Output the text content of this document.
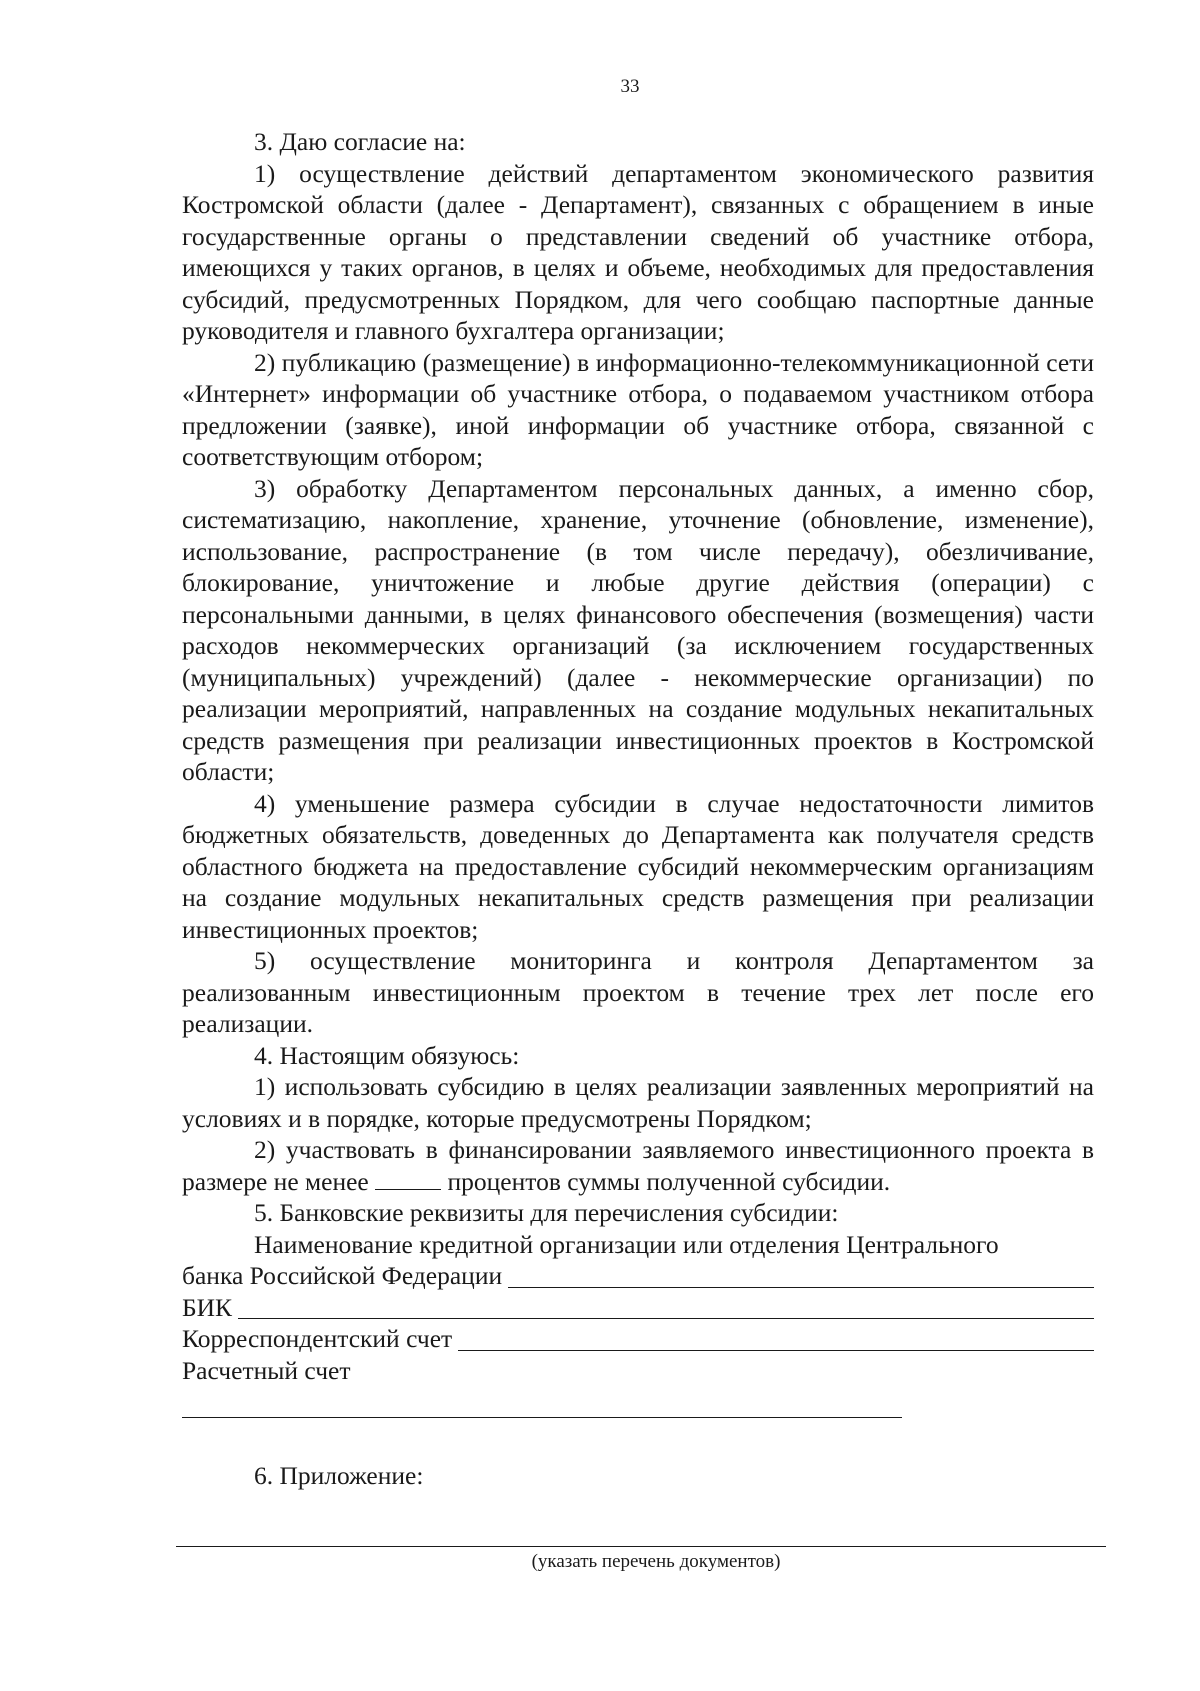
33

3. Даю согласие на:

1) осуществление действий департаментом экономического развития Костромской области (далее - Департамент), связанных с обращением в иные государственные органы о представлении сведений об участнике отбора, имеющихся у таких органов, в целях и объеме, необходимых для предоставления субсидий, предусмотренных Порядком, для чего сообщаю паспортные данные руководителя и главного бухгалтера организации;

2) публикацию (размещение) в информационно-телекоммуникационной сети «Интернет» информации об участнике отбора, о подаваемом участником отбора предложении (заявке), иной информации об участнике отбора, связанной с соответствующим отбором;

3) обработку Департаментом персональных данных, а именно сбор, систематизацию, накопление, хранение, уточнение (обновление, изменение), использование, распространение (в том числе передачу), обезличивание, блокирование, уничтожение и любые другие действия (операции) с персональными данными, в целях финансового обеспечения (возмещения) части расходов некоммерческих организаций (за исключением государственных (муниципальных) учреждений) (далее - некоммерческие организации) по реализации мероприятий, направленных на создание модульных некапитальных средств размещения при реализации инвестиционных проектов в Костромской области;

4) уменьшение размера субсидии в случае недостаточности лимитов бюджетных обязательств, доведенных до Департамента как получателя средств областного бюджета на предоставление субсидий некоммерческим организациям на создание модульных некапитальных средств размещения при реализации инвестиционных проектов;

5) осуществление мониторинга и контроля Департаментом за реализованным инвестиционным проектом в течение трех лет после его реализации.

4. Настоящим обязуюсь:

1) использовать субсидию в целях реализации заявленных мероприятий на условиях и в порядке, которые предусмотрены Порядком;

2) участвовать в финансировании заявляемого инвестиционного проекта в размере не менее	процентов суммы полученной субсидии.

5. Банковские реквизиты для перечисления субсидии:

Наименование кредитной организации или отделения Центрального

банка Российской Федерации
БИК
Корреспондентский счет

Расчетный счет

6. Приложение:

(указать перечень документов)
